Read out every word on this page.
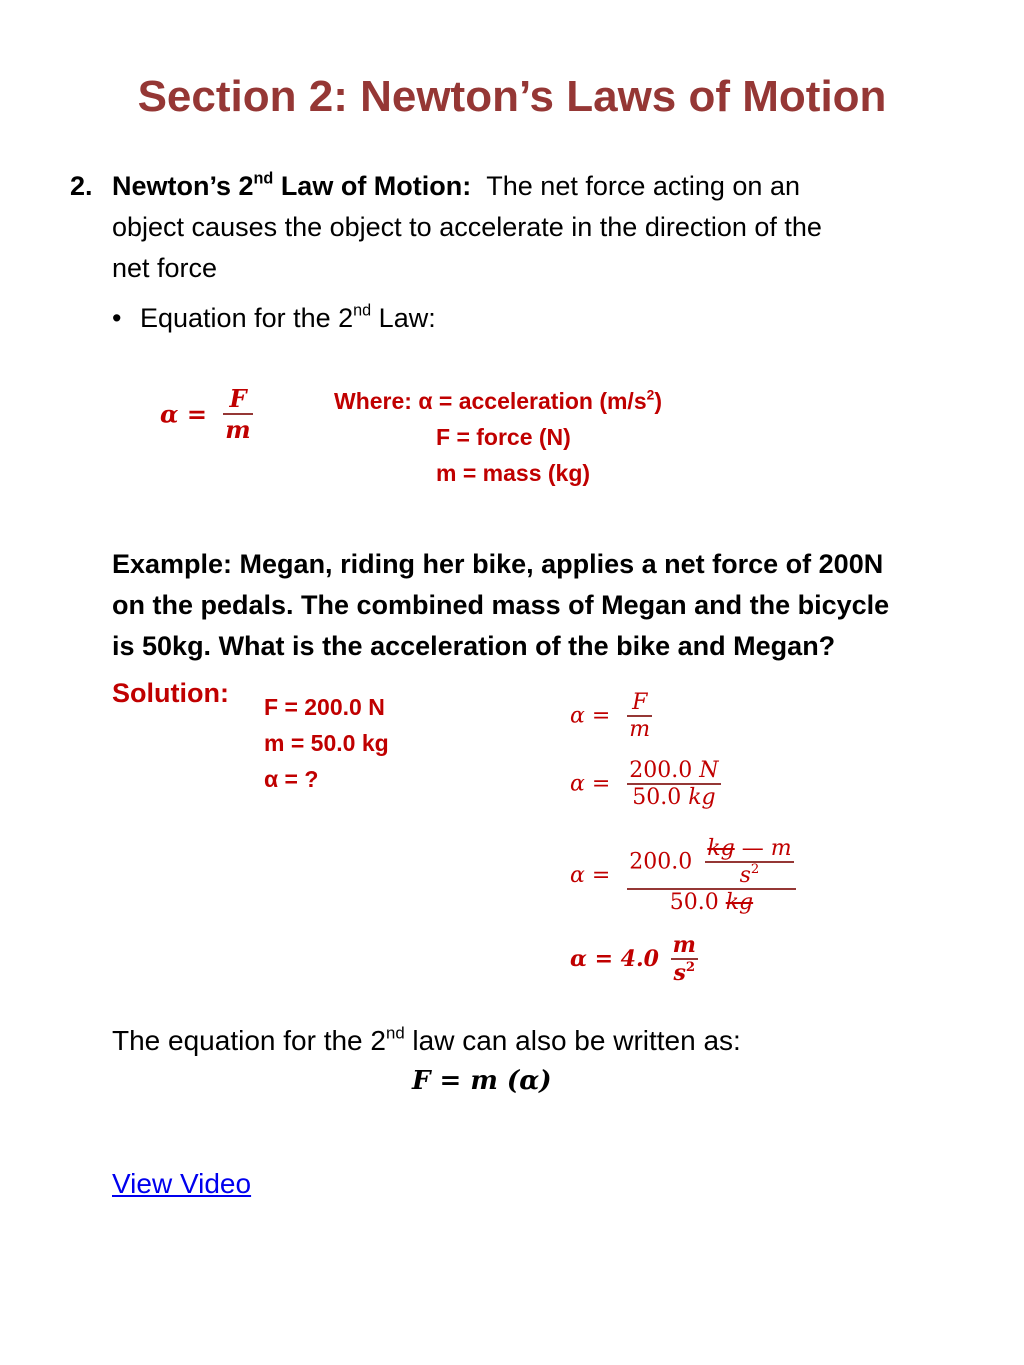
Section 2: Newton’s Laws of Motion
2. Newton’s 2nd Law of Motion: The net force acting on an
object causes the object to accelerate in the direction of the
net force
• Equation for the 2nd Law:
$\alpha = \frac{F}{m}$	Where: α = acceleration $(m/s^2)$
F = force (N)
m = mass (kg)
Example: Megan, riding her bike, applies a net force of 200N
on the pedals. The combined mass of Megan and the bicycle
is 50kg. What is the acceleration of the bike and Megan?
Solution: F = 200.0 N
m = 50.0 kg
α = ?
$\alpha = \frac{F}{m}$
$\alpha = \frac{200.0 N}{50.0 kg}$
$\alpha = \frac{200.0 \frac{kg — m}{s^2}}{50.0 kg}$
$\alpha = 4.0 \frac{m}{s^2}$
The equation for the 2nd law can also be written as:
F = m (α)
View Video
